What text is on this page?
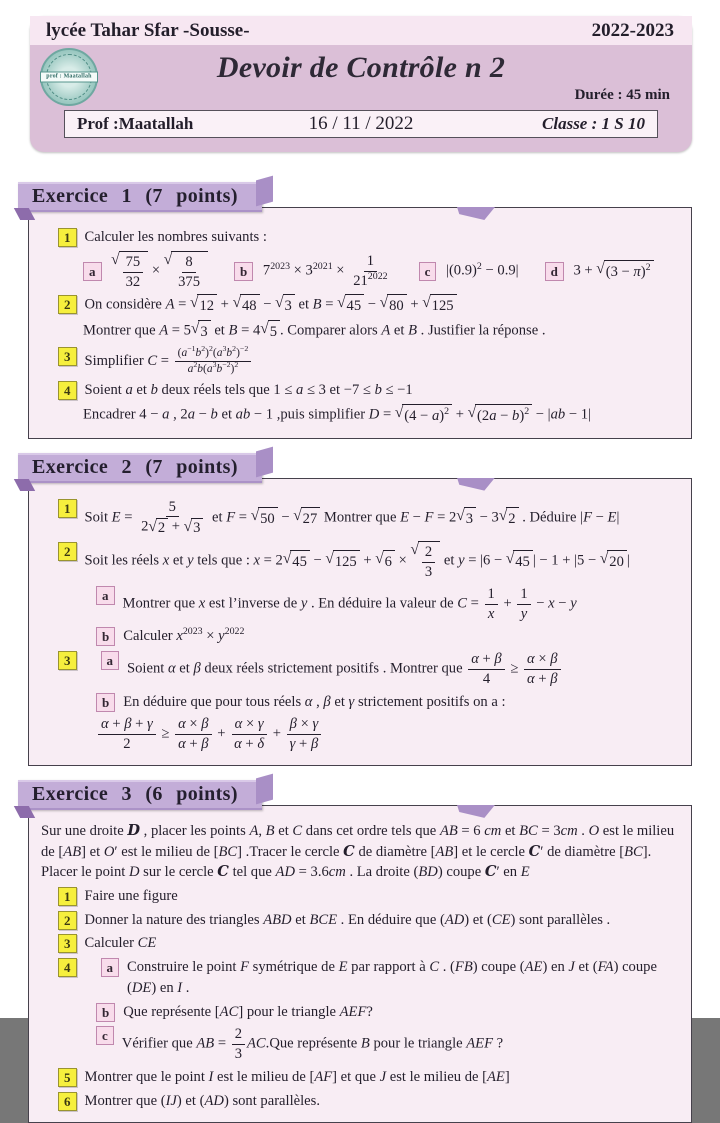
lycée Tahar Sfar -Sousse-	2022-2023
prof : Maatallah	Devoir de Contrôle n 2
Durée : 45 min
Prof :Maatallah	16 / 11 / 2022	Classe : 1 S 10
Exercice 1 (7 points)
1 Calculer les nombres suivants :
a
√ $\frac{75}{32}$ ×
√ $\frac{8}{375}$	b $7^{2023} \times 3^{2021} \times \frac{1}{21^{2022}}$	c $|(0.9)^2 - 0.9|$ d 3 + √ $(3 - \pi)^2$
2 On considère A = √ 12 + √ 48 − √ 3 et B = √ 45 − √ 80 + √ 125
Montrer que A = 5 √ 3 et B = 4 √ 5 . Comparer alors A et B . Justifier la réponse .
3 Simplifier $C = \frac{(a^{-1}b^2)^2(a^3b^2)^{-2}}{a^2b(a^3b^{-2})^2}$
4 Soient a et b deux réels tels que 1 ≤ a ≤ 3 et −7 ≤ b ≤ −1
Encadrer 4 − a , 2a − b et ab − 1 ,puis simplifier D = √ $(4 - a)^2$ + √ $(2a - b)^2 - |ab - 1|$
Exercice 2 (7 points)
1
Soit $E = \frac{5}{2 √ 2 + √ 3}$ et F = √ 50 − √ 27 Montrer que E − F = 2 √ 3 − 3 √ 2 . Déduire |F − E|
2
Soit les réels x et y tels que : x = 2 √ 45 − √ 125 + √ 6 ×
√ $\frac{2}{3}$ et y = |6 − √ 45 | − 1 + |5 − √ 20 |
a
Montrer que x est l’inverse de y . En déduire la valeur de $C = \frac{1}{x} + \frac{1}{y} - x - y$
b Calculer $x^{2023} \times y^{2022}$
3	a
Soient α et β deux réels strictement positifs . Montrer que $\frac{\alpha + \beta}{4} \ge \frac{\alpha \times \beta}{\alpha + \beta}$
b En déduire que pour tous réels α , β et γ strictement positifs on a :
$\frac{\alpha + \beta + \gamma}{2} \ge \frac{\alpha \times \beta}{\alpha + \beta} + \frac{\alpha \times \gamma}{\alpha + \delta} + \frac{\beta \times \gamma}{\gamma + \beta}$
Exercice 3 (6 points)
Sur une droite D , placer les points A, B et C dans cet ordre tels que AB = 6 cm et BC = 3cm . O est le milieu de [AB] et O′ est le milieu de [BC] .Tracer le cercle C de diamètre [AB] et le cercle C′ de diamètre [BC]. Placer le point D sur le cercle C tel que AD = 3.6cm . La droite (BD) coupe C′ en E
1 Faire une figure
2 Donner la nature des triangles ABD et BCE . En déduire que (AD) et (CE) sont parallèles .
3 Calculer CE
4	a Construire le point F symétrique de E par rapport à C . (FB) coupe (AE) en J et (FA) coupe (DE) en I .
b Que représente [AC] pour le triangle AEF?
c
Vérifier que AB = $\frac{2}{3} AC.Que$ représente B pour le triangle AEF ?
5 Montrer que le point I est le milieu de [AF] et que J est le milieu de [AE]
6 Montrer que (IJ) et (AD) sont parallèles.
